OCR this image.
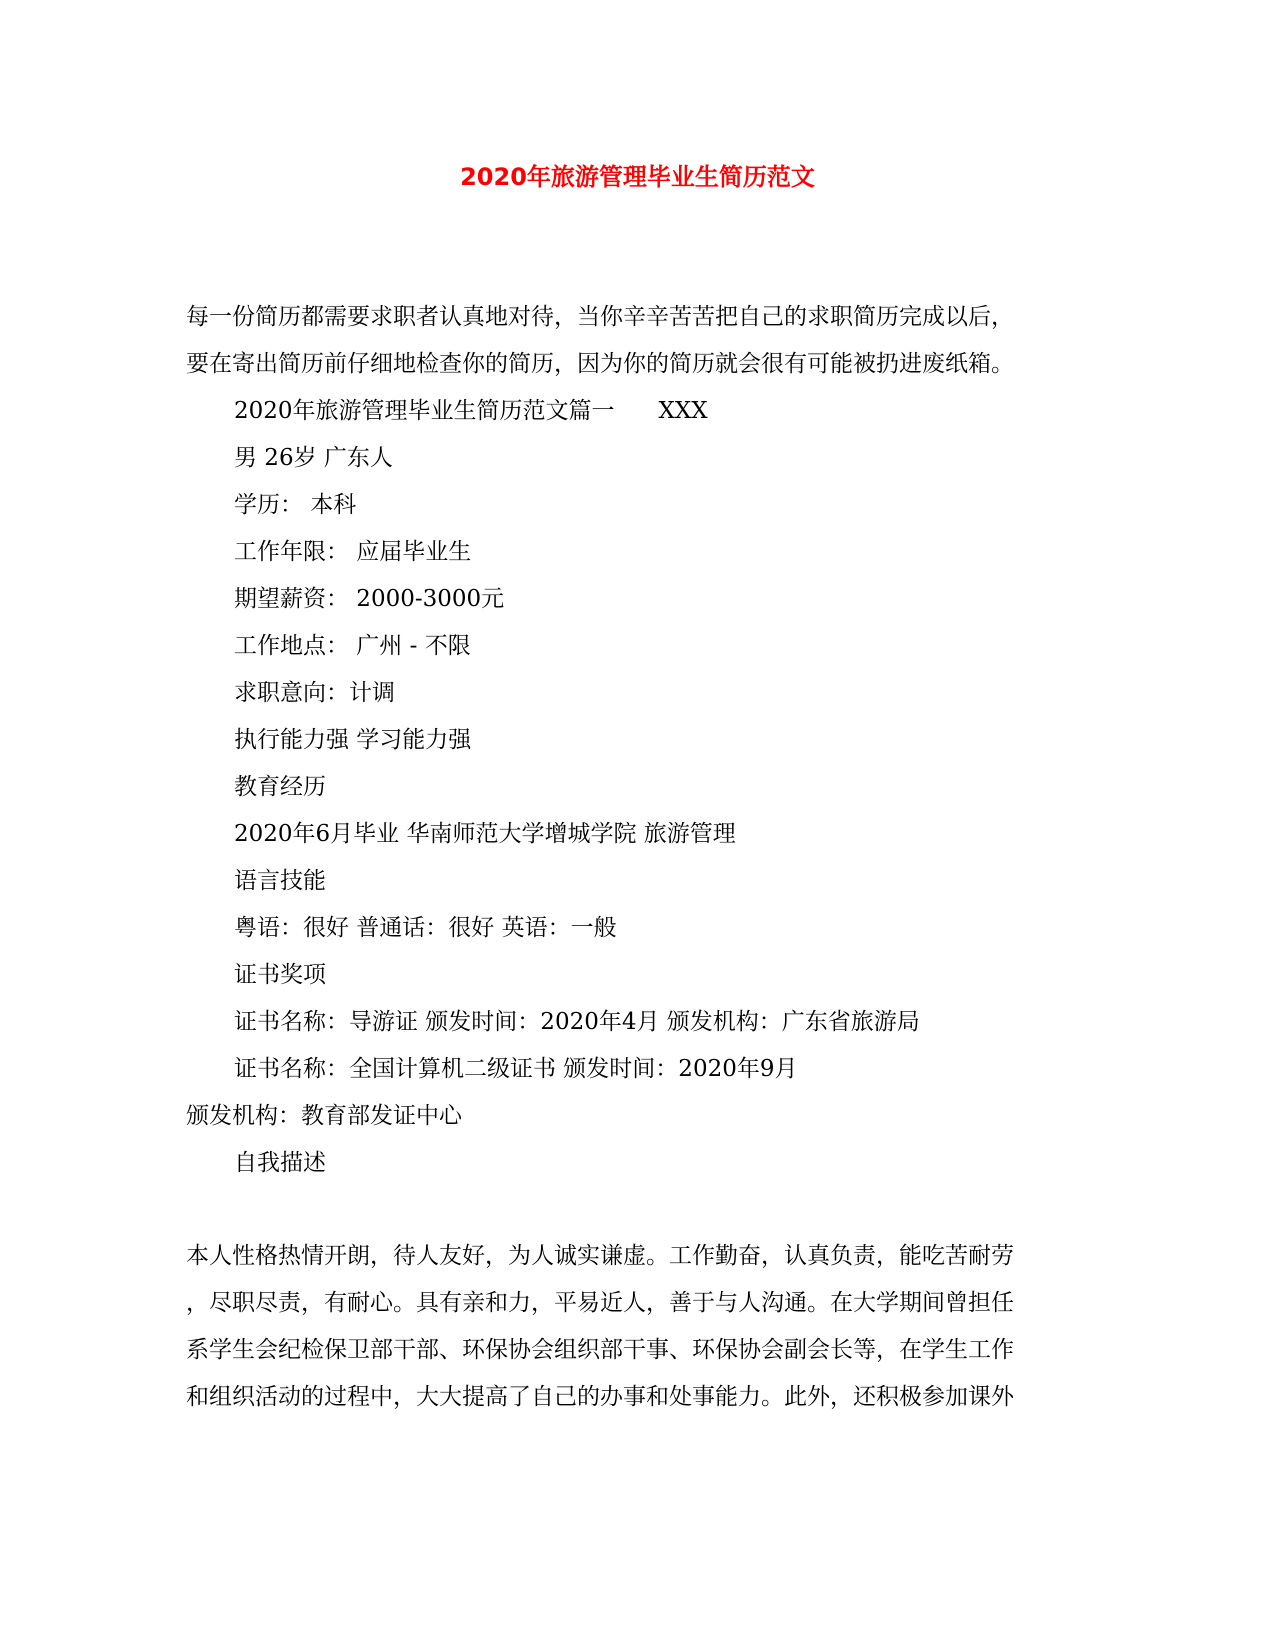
2020年旅游管理毕业生简历范文
每一份简历都需要求职者认真地对待，当你辛辛苦苦把自己的求职简历完成以后，
要在寄出简历前仔细地检查你的简历，因为你的简历就会很有可能被扔进废纸箱。
2020年旅游管理毕业生简历范文篇一 XXX
男 26岁 广东人
学历： 本科
工作年限： 应届毕业生
期望薪资： 2000-3000元
工作地点： 广州 - 不限
求职意向：计调
执行能力强 学习能力强
教育经历
2020年6月毕业 华南师范大学增城学院 旅游管理
语言技能
粤语：很好 普通话：很好 英语：一般
证书奖项
证书名称：导游证 颁发时间：2020年4月 颁发机构：广东省旅游局
证书名称：全国计算机二级证书 颁发时间：2020年9月
颁发机构：教育部发证中心
自我描述
本人性格热情开朗，待人友好，为人诚实谦虚。工作勤奋，认真负责，能吃苦耐劳
，尽职尽责，有耐心。具有亲和力，平易近人，善于与人沟通。在大学期间曾担任
系学生会纪检保卫部干部、环保协会组织部干事、环保协会副会长等，在学生工作
和组织活动的过程中，大大提高了自己的办事和处事能力。此外，还积极参加课外
